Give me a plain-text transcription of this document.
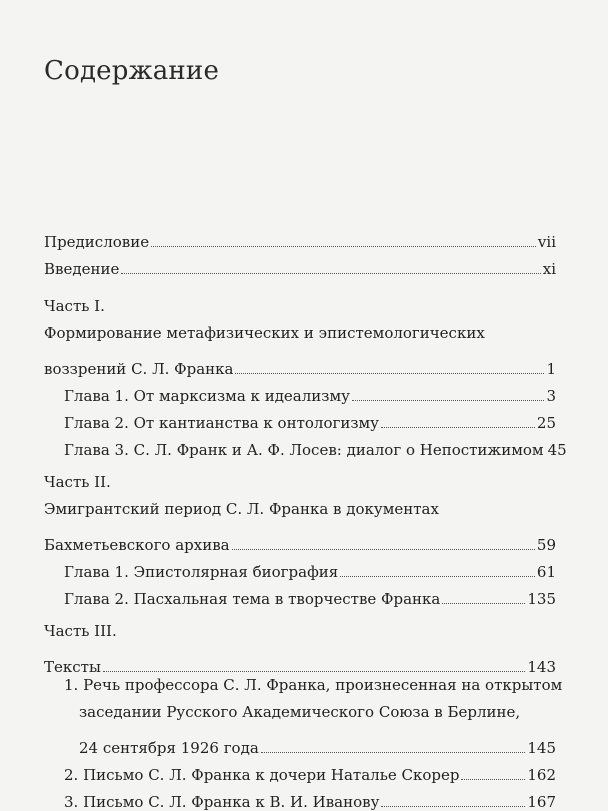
Содержание
Предисловие	vii
Введение	xi
Часть I.
Формирование метафизических и эпистемологических
воззрений С. Л. Франка	1
Глава 1. От марксизма к идеализму	3
Глава 2. От кантианства к онтологизму	25
Глава 3. С. Л. Франк и А. Ф. Лосев: диалог о Непостижимом 45
Часть II.
Эмигрантский период С. Л. Франка в документах
Бахметьевского архива	59
Глава 1. Эпистолярная биография	61
Глава 2. Пасхальная тема в творчестве Франка	135
Часть III.
Тексты	143
1. Речь профессора С. Л. Франка, произнесенная на открытом
заседании Русского Академического Союза в Берлине,
24 сентября 1926 года	145
2. Письмо С. Л. Франка к дочери Наталье Скорер	162
3. Письмо С. Л. Франка к В. И. Иванову	167
